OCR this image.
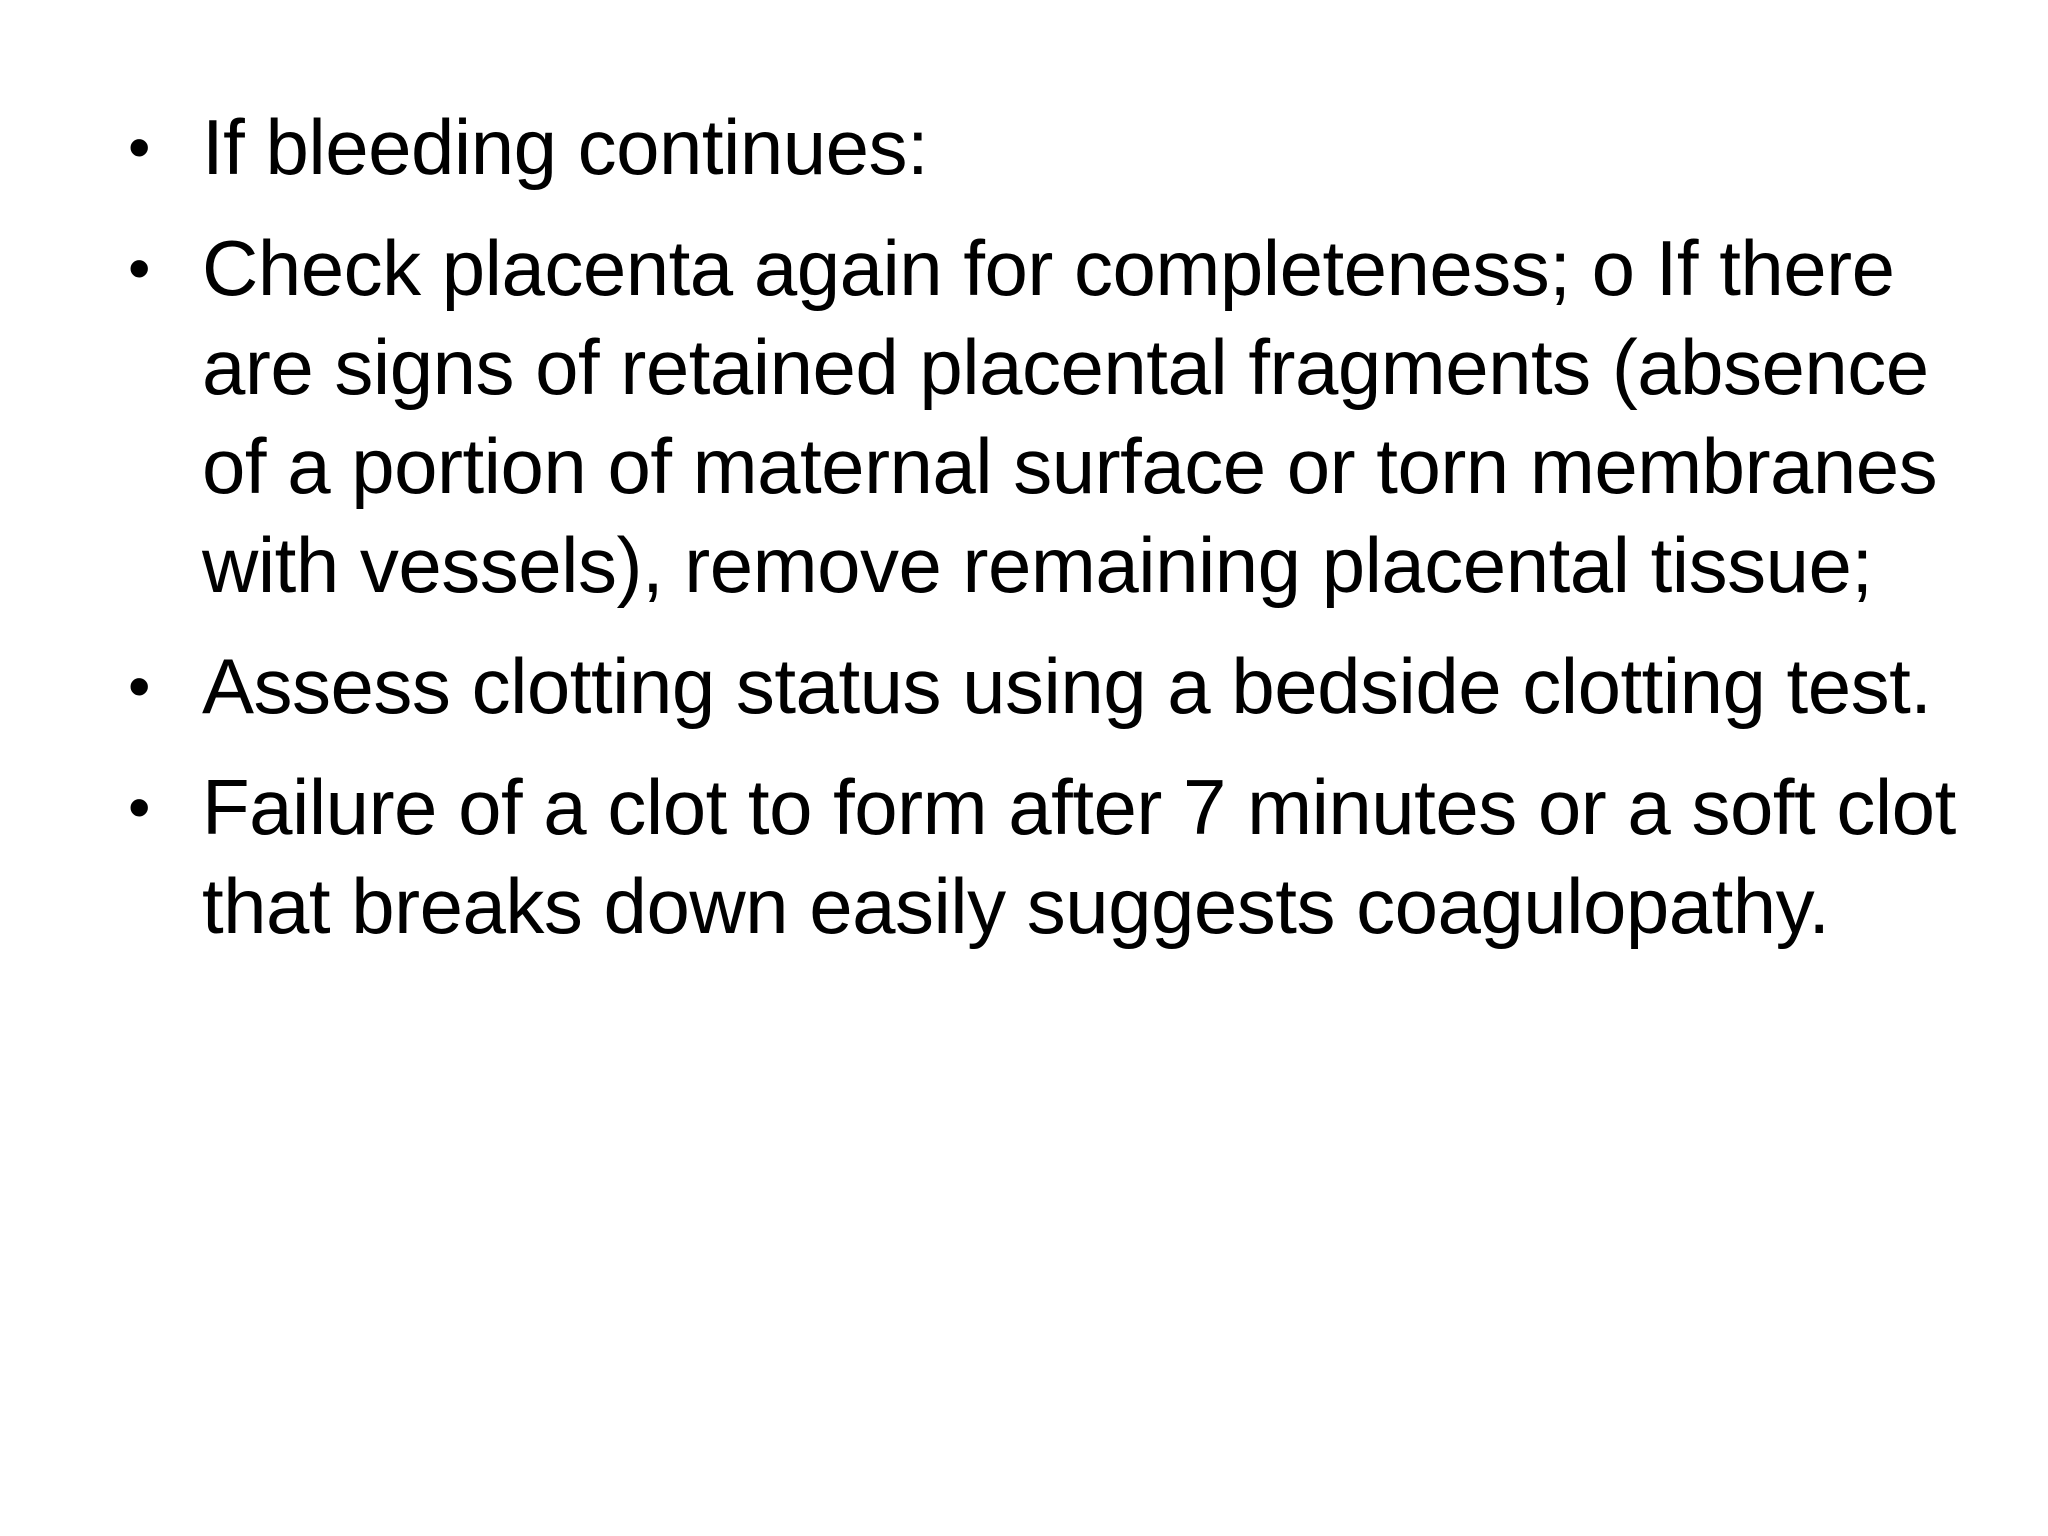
• If bleeding continues:
• Check placenta again for completeness; o If there are signs of retained placental fragments (absence of a portion of maternal surface or torn membranes with vessels), remove remaining placental tissue;
• Assess clotting status using a bedside clotting test.
• Failure of a clot to form after 7 minutes or a soft clot that breaks down easily suggests coagulopathy.
